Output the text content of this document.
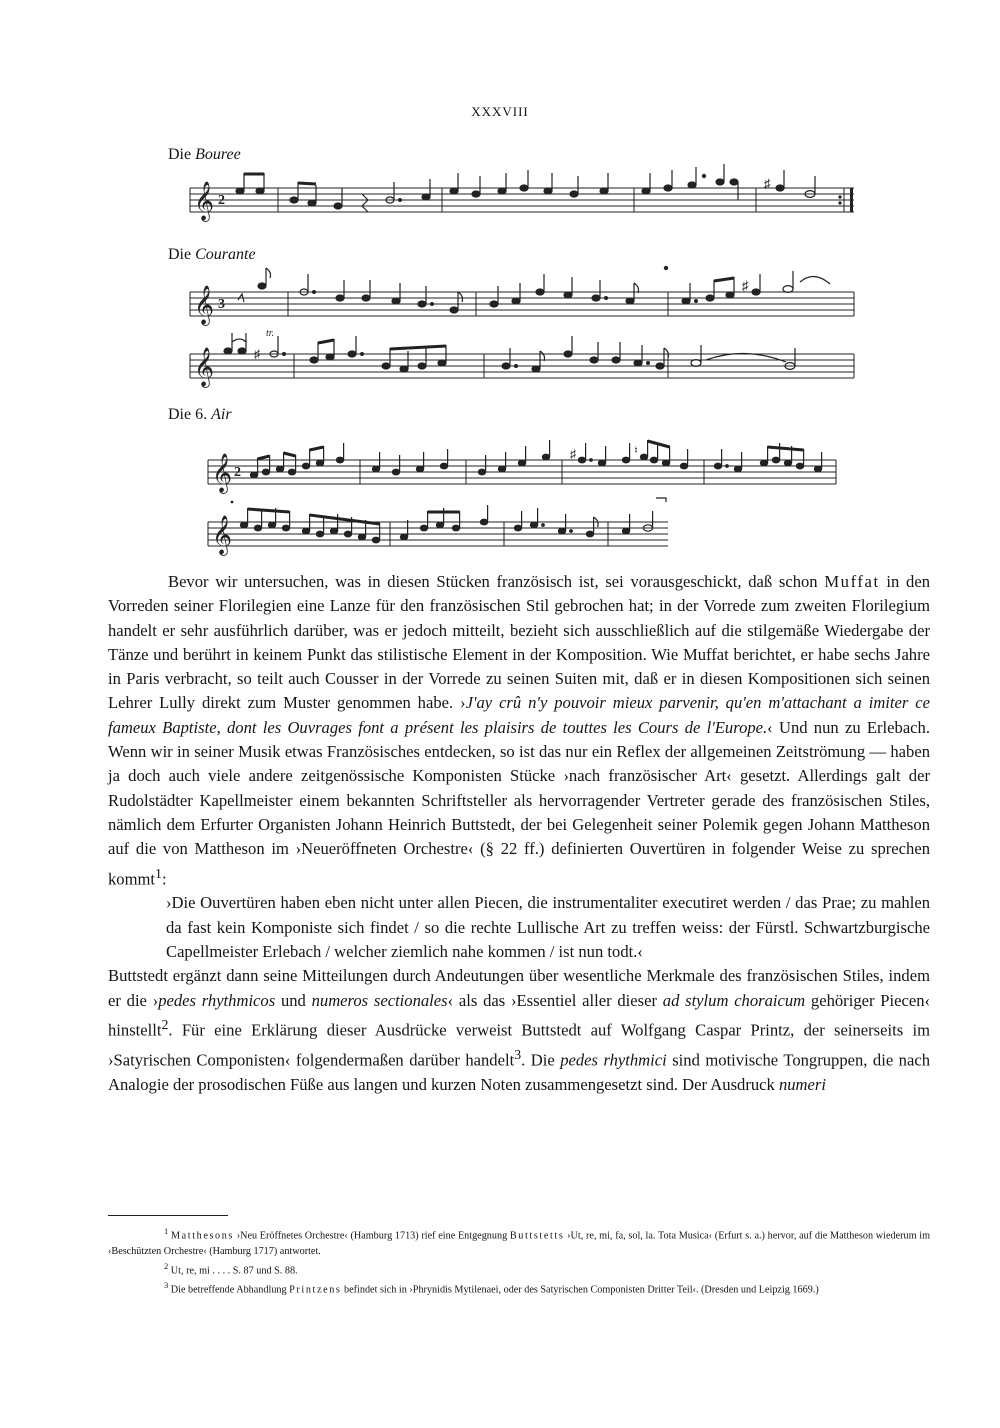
XXXVIII
Die Bouree
𝄞 2
♯
Die Courante
𝄞 3
♯
𝄞	♯
tr.
Die 6. Air
𝄞 2
♯	♮
𝄞

Bevor wir untersuchen, was in diesen Stücken französisch ist, sei vorausgeschickt, daß schon Muffat in den Vorreden seiner Florilegien eine Lanze für den französischen Stil gebrochen hat; in der Vorrede zum zweiten Florilegium handelt er sehr ausführlich darüber, was er jedoch mitteilt, bezieht sich ausschließlich auf die stilgemäße Wiedergabe der Tänze und berührt in keinem Punkt das stilistische Element in der Komposition. Wie Muffat berichtet, er habe sechs Jahre in Paris verbracht, so teilt auch Cousser in der Vorrede zu seinen Suiten mit, daß er in diesen Kompositionen sich seinen Lehrer Lully direkt zum Muster genommen habe. ›J'ay crû n'y pouvoir mieux parvenir, qu'en m'attachant a imiter ce fameux Baptiste, dont les Ouvrages font a présent les plaisirs de touttes les Cours de l'Europe.‹ Und nun zu Erlebach. Wenn wir in seiner Musik etwas Französisches entdecken, so ist das nur ein Reflex der allgemeinen Zeitströmung — haben ja doch auch viele andere zeitgenössische Komponisten Stücke ›nach französischer Art‹ gesetzt. Allerdings galt der Rudolstädter Kapellmeister einem bekannten Schriftsteller als hervorragender Vertreter gerade des französischen Stiles, nämlich dem Erfurter Organisten Johann Heinrich Buttstedt, der bei Gelegenheit seiner Polemik gegen Johann Mattheson auf die von Mattheson im ›Neueröffneten Orchestre‹ (§ 22 ff.) definierten Ouvertüren in folgender Weise zu sprechen kommt$^1$:

›Die Ouvertüren haben eben nicht unter allen Piecen, die instrumentaliter executiret werden / das Prae; zu mahlen da fast kein Komponiste sich findet / so die rechte Lullische Art zu treffen weiss: der Fürstl. Schwartzburgische Capellmeister Erlebach / welcher ziemlich nahe kommen / ist nun todt.‹

Buttstedt ergänzt dann seine Mitteilungen durch Andeutungen über wesentliche Merkmale des französischen Stiles, indem er die ›pedes rhythmicos und numeros sectionales‹ als das ›Essentiel aller dieser ad stylum choraicum gehöriger Piecen‹ hinstellt$^2$. Für eine Erklärung dieser Ausdrücke verweist Buttstedt auf Wolfgang Caspar Printz, der seinerseits im ›Satyrischen Componisten‹ folgendermaßen darüber handelt$^3$. Die pedes rhythmici sind motivische Tongruppen, die nach Analogie der prosodischen Füße aus langen und kurzen Noten zusammengesetzt sind. Der Ausdruck numeri

$^1$ Matthesons ›Neu Eröffnetes Orchestre‹ (Hamburg 1713) rief eine Entgegnung Buttstetts ›Ut, re, mi, fa, sol, la. Tota Musica‹ (Erfurt s. a.) hervor, auf die Mattheson wiederum im ›Beschützten Orchestre‹ (Hamburg 1717) antwortet.

$^2$ Ut, re, mi . . . . S. 87 und S. 88.

$^3$ Die betreffende Abhandlung Printzens befindet sich in ›Phrynidis Mytilenaei, oder des Satyrischen Componisten Dritter Teil‹. (Dresden und Leipzig 1669.)
